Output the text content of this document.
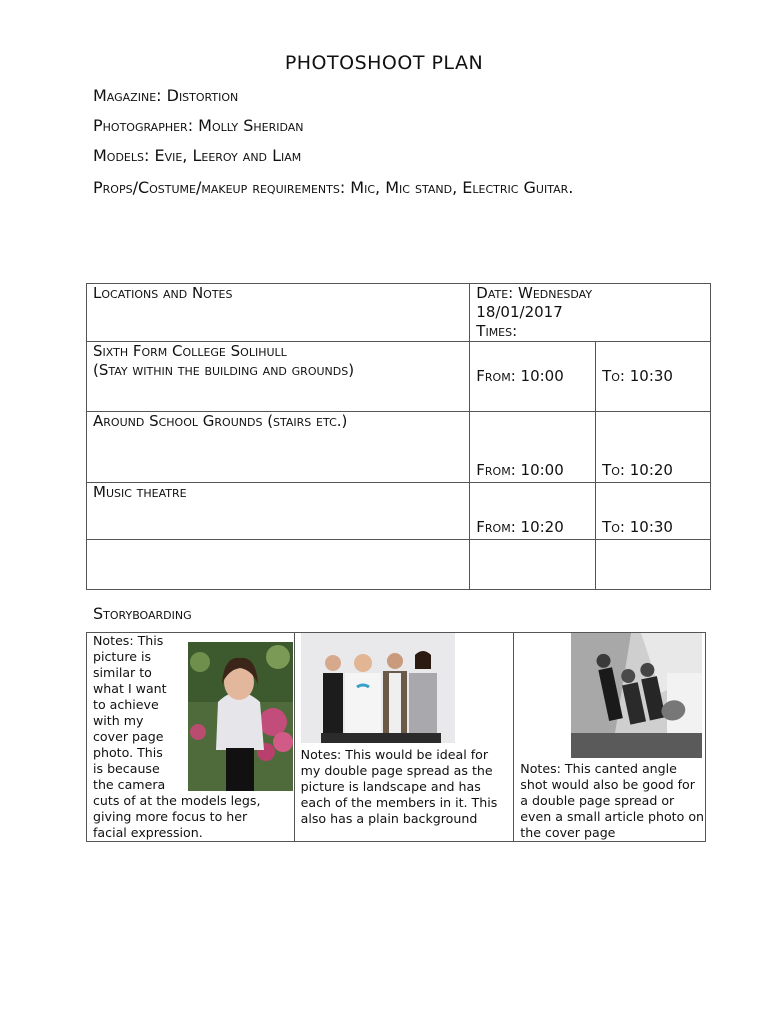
PHOTOSHOOT PLAN
Magazine: Distortion
Photographer: Molly Sheridan
Models: Evie, Leeroy and Liam
Props/Costume/makeup requirements: Mic, Mic stand, Electric Guitar.
Locations and Notes	Date: Wednesday
18/01/2017
Times:	

Sixth Form College Solihull
(Stay within the building and grounds)	From: 10:00	To: 10:30

Around School Grounds (stairs etc.)	From: 10:00	To: 10:20

Music theatre	From: 10:20	To: 10:30

Storyboarding
Notes: This
picture is
similar to
what I want
to achieve
with my
cover page
photo. This
is because
the camera
cuts of at the models legs,
giving more focus to her
facial expression.

Notes: This would be ideal for my double page spread as the picture is landscape and has each of the members in it. This also has a plain background

Notes: This canted angle shot would also be good for a double page spread or even a small article photo on the cover page
